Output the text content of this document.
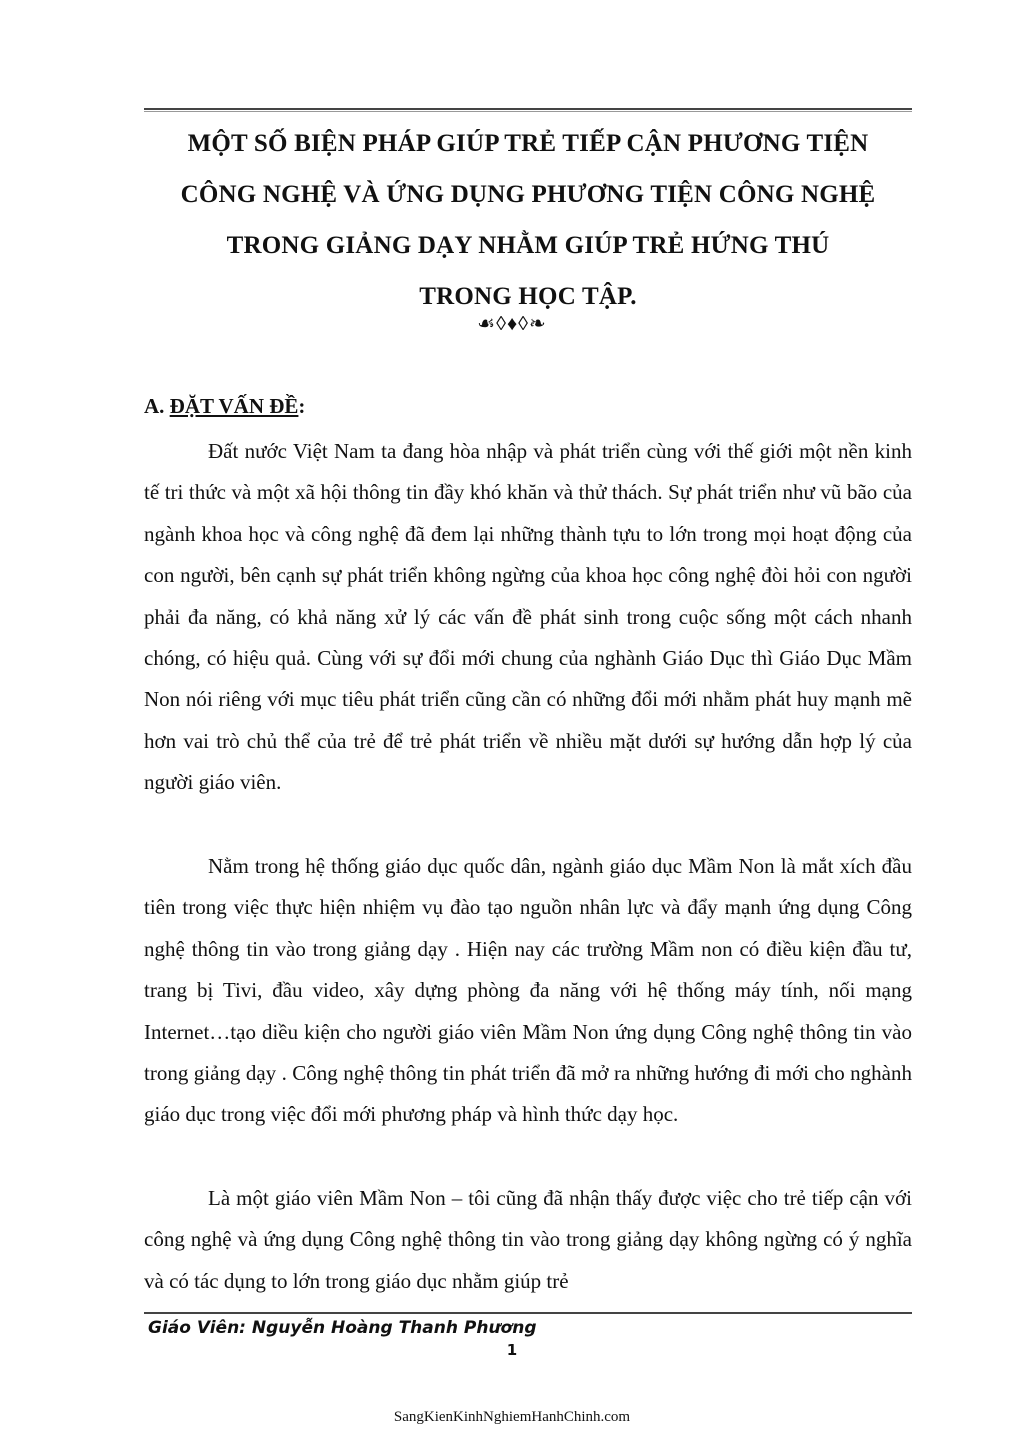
MỘT SỐ BIỆN PHÁP GIÚP TRẺ TIẾP CẬN PHƯƠNG TIỆN
CÔNG NGHỆ VÀ ỨNG DỤNG PHƯƠNG TIỆN CÔNG NGHỆ
TRONG GIẢNG DẠY NHẰM GIÚP TRẺ HỨNG THÚ
TRONG HỌC TẬP.
☙◊♦◊❧
A. ĐẶT VẤN ĐỀ:

Đất nước Việt Nam ta đang hòa nhập và phát triển cùng với thế giới một nền kinh tế tri thức và một xã hội thông tin đầy khó khăn và thử thách. Sự phát triển như vũ bão của ngành khoa học và công nghệ đã đem lại những thành tựu to lớn trong mọi hoạt động của con người, bên cạnh sự phát triển không ngừng của khoa học công nghệ đòi hỏi con người phải đa năng, có khả năng xử lý các vấn đề phát sinh trong cuộc sống một cách nhanh chóng, có hiệu quả. Cùng với sự đổi mới chung của nghành Giáo Dục thì Giáo Dục Mầm Non nói riêng với mục tiêu phát triển cũng cần có những đổi mới nhằm phát huy mạnh mẽ hơn vai trò chủ thể của trẻ để trẻ phát triển về nhiều mặt dưới sự hướng dẫn hợp lý của người giáo viên.

Nằm trong hệ thống giáo dục quốc dân, ngành giáo dục Mầm Non là mắt xích đầu tiên trong việc thực hiện nhiệm vụ đào tạo nguồn nhân lực và đẩy mạnh ứng dụng Công nghệ thông tin vào trong giảng dạy . Hiện nay các trường Mầm non có điều kiện đầu tư, trang bị Tivi, đầu video, xây dựng phòng đa năng với hệ thống máy tính, nối mạng Internet…tạo diều kiện cho người giáo viên Mầm Non ứng dụng Công nghệ thông tin vào trong giảng dạy . Công nghệ thông tin phát triển đã mở ra những hướng đi mới cho nghành giáo dục trong việc đổi mới phương pháp và hình thức dạy học.

Là một giáo viên Mầm Non – tôi cũng đã nhận thấy được việc cho trẻ tiếp cận với công nghệ và ứng dụng Công nghệ thông tin vào trong giảng dạy không ngừng có ý nghĩa và có tác dụng to lớn trong giáo dục nhằm giúp trẻ

Giáo Viên: Nguyễn Hoàng Thanh Phương
1
SangKienKinhNghiemHanhChinh.com
